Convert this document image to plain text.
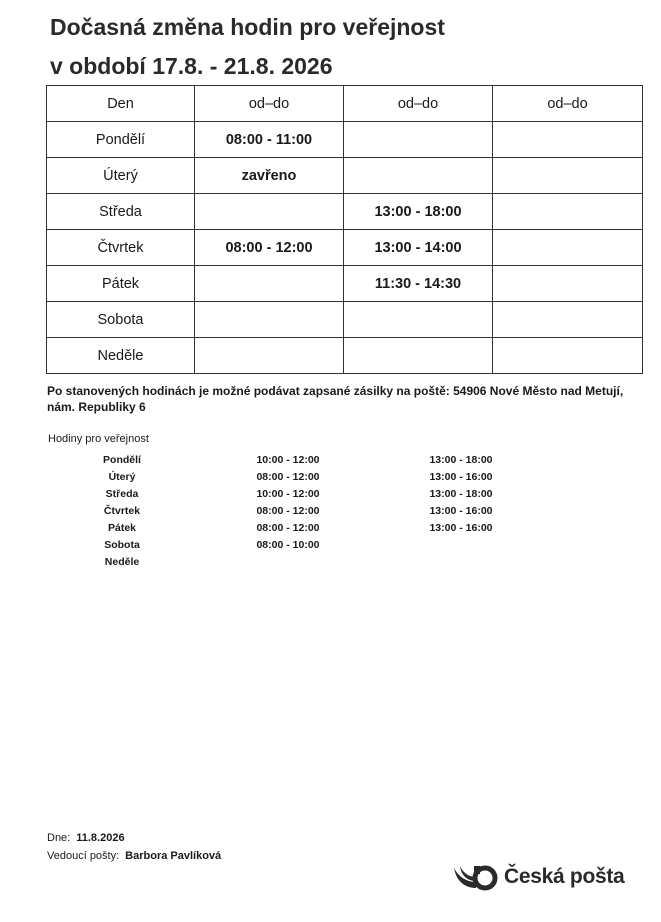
Dočasná změna hodin pro veřejnost
v období 17.8. - 21.8. 2026
Den	od–do	od–do	od–do
Pondělí	08:00 - 11:00		
Úterý	zavřeno		
Středa		13:00 - 18:00	
Čtvrtek	08:00 - 12:00	13:00 - 14:00	
Pátek		11:30 - 14:30	
Sobota			
Neděle			

Po stanovených hodinách je možné podávat zapsané zásilky na poště: 54906 Nové Město nad Metují, nám. Republiky 6

Hodiny pro veřejnost

Pondělí	10:00 - 12:00	13:00 - 18:00
Úterý	08:00 - 12:00	13:00 - 16:00
Středa	10:00 - 12:00	13:00 - 18:00
Čtvrtek	08:00 - 12:00	13:00 - 16:00
Pátek	08:00 - 12:00	13:00 - 16:00
Sobota	08:00 - 10:00	
Neděle		

Dne: 11.8.2026

Vedoucí pošty: Barbora Pavlíková

Česká pošta
